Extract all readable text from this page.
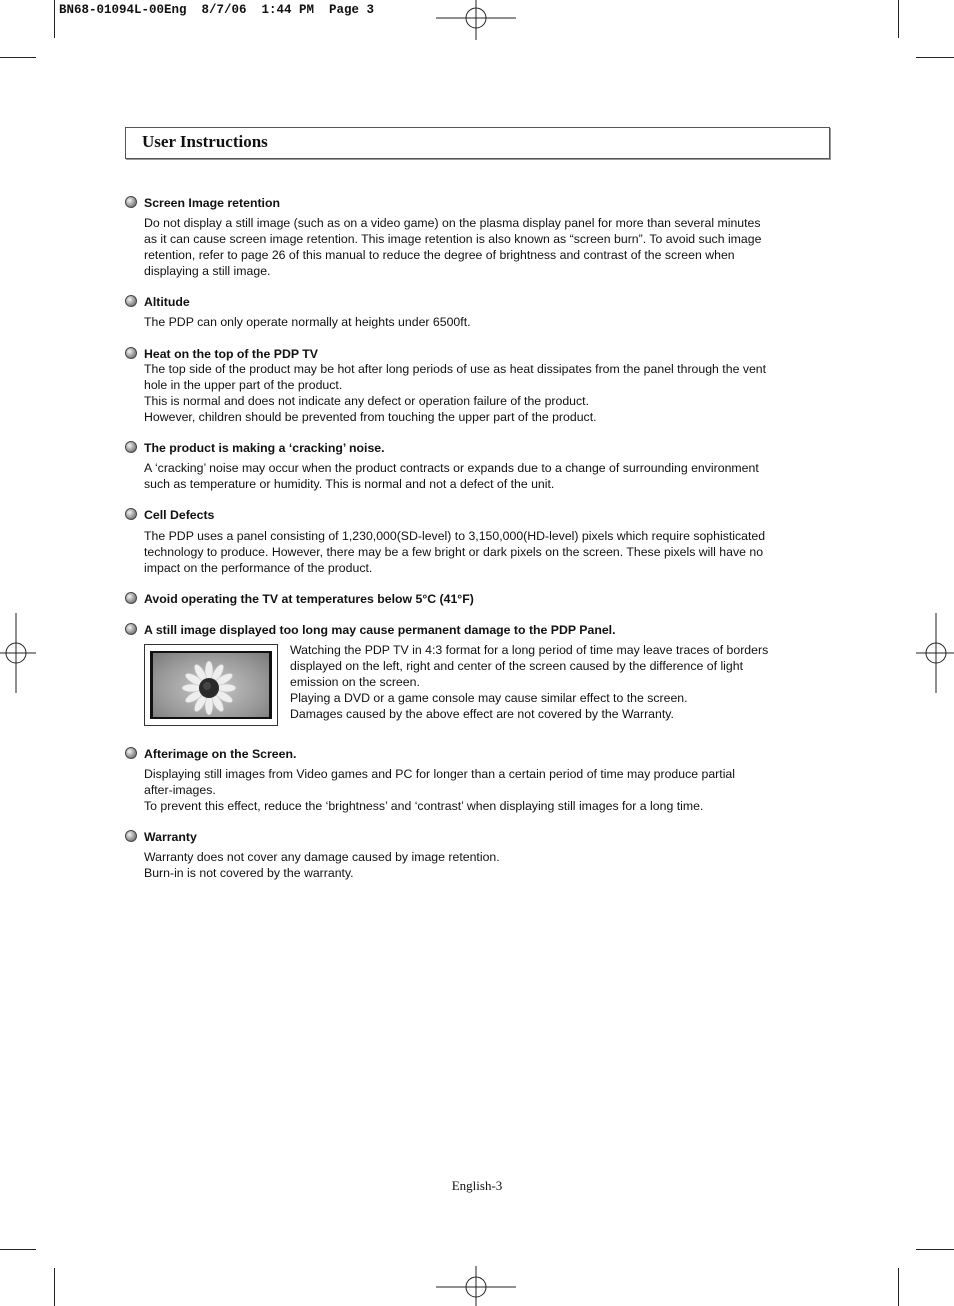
BN68-01094L-00Eng  8/7/06  1:44 PM  Page 3
User Instructions
Screen Image retention

Do not display a still image (such as on a video game) on the plasma display panel for more than several minutes

as it can cause screen image retention. This image retention is also known as “screen burn”. To avoid such image

retention, refer to page 26 of this manual to reduce the degree of brightness and contrast of the screen when

displaying a still image.

Altitude

The PDP can only operate normally at heights under 6500ft.

Heat on the top of the PDP TV

The top side of the product may be hot after long periods of use as heat dissipates from the panel through the vent

hole in the upper part of the product.

This is normal and does not indicate any defect or operation failure of the product.

However, children should be prevented from touching the upper part of the product.

The product is making a ‘cracking’ noise.

A ‘cracking’ noise may occur when the product contracts or expands due to a change of surrounding environment

such as temperature or humidity. This is normal and not a defect of the unit.

Cell Defects

The PDP uses a panel consisting of 1,230,000(SD-level) to 3,150,000(HD-level) pixels which require sophisticated

technology to produce. However, there may be a few bright or dark pixels on the screen. These pixels will have no

impact on the performance of the product.

Avoid operating the TV at temperatures below 5°C (41°F)
A still image displayed too long may cause permanent damage to the PDP Panel.

Watching the PDP TV in 4:3 format for a long period of time may leave traces of borders

displayed on the left, right and center of the screen caused by the difference of light

emission on the screen.

Playing a DVD or a game console may cause similar effect to the screen.

Damages caused by the above effect are not covered by the Warranty.

Afterimage on the Screen.

Displaying still images from Video games and PC for longer than a certain period of time may produce partial

after-images.

To prevent this effect, reduce the ‘brightness’ and ‘contrast’ when displaying still images for a long time.

Warranty

Warranty does not cover any damage caused by image retention.

Burn-in is not covered by the warranty.

English-3
